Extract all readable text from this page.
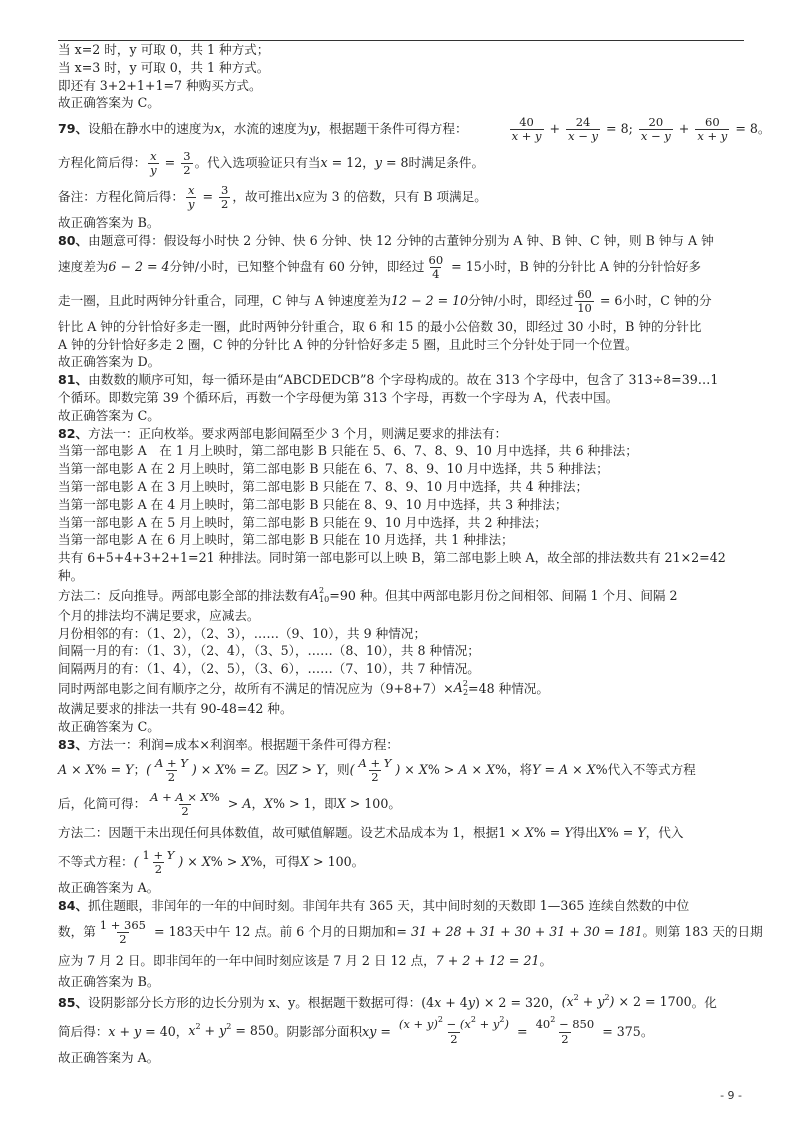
当 x=2 时，y 可取 0，共 1 种方式；
当 x=3 时，y 可取 0，共 1 种方式。
即还有 3+2+1+1=7 种购买方式。
故正确答案为 C。
79、 设船在静水中的速度为 x ，水流的速度为 y ，根据题干条件可得方程：	$\frac{40}{x + y} + \frac{24}{x - y} = 8$; $\frac{20}{x - y} + \frac{60}{x + y} = 8$ 。
方程化简后得： $\frac{x}{y} = \frac{3}{2}$ 。代入选项验证只有当 x = 12 ， y = 8 时满足条件。
备注：方程化简后得： $\frac{x}{y} = \frac{3}{2}$ ，故可推出 x 应为 3 的倍数，只有 B 项满足。
故正确答案为 B。
80、 由题意可得：假设每小时快 2 分钟、快 6 分钟、快 12 分钟的古董钟分别为 A 钟、B 钟、C 钟，则 B 钟与 A 钟
速度差为 6 − 2 = 4 分钟/小时，已知整个钟盘有 60 分钟，即经过 $\frac{60}{4} = 15$ 小时，B 钟的分针比 A 钟的分针恰好多
走一圈，且此时两钟分针重合，同理，C 钟与 A 钟速度差为 12 − 2 = 10 分钟/小时，即经过 $\frac{60}{10} = 6$ 小时，C 钟的分
针比 A 钟的分针恰好多走一圈，此时两钟分针重合，取 6 和 15 的最小公倍数 30，即经过 30 小时，B 钟的分针比
A 钟的分针恰好多走 2 圈，C 钟的分针比 A 钟的分针恰好多走 5 圈，且此时三个分针处于同一个位置。
故正确答案为 D。
81、 由数数的顺序可知，每一循环是由“ABCDEDCB”8 个字母构成的。故在 313 个字母中，包含了 313÷8=39…1
个循环。即数完第 39 个循环后，再数一个字母便为第 313 个字母，再数一个字母为 A，代表中国。
故正确答案为 C。
82、 方法一：正向枚举。要求两部电影间隔至少 3 个月，则满足要求的排法有：
当第一部电影 A　在 1 月上映时，第二部电影 B 只能在 5、6、7、8、9、10 月中选择，共 6 种排法；
当第一部电影 A 在 2 月上映时，第二部电影 B 只能在 6、7、8、9、10 月中选择，共 5 种排法；
当第一部电影 A 在 3 月上映时，第二部电影 B 只能在 7、8、9、10 月中选择，共 4 种排法；
当第一部电影 A 在 4 月上映时，第二部电影 B 只能在 8、9、10 月中选择，共 3 种排法；
当第一部电影 A 在 5 月上映时，第二部电影 B 只能在 9、10 月中选择，共 2 种排法；
当第一部电影 A 在 6 月上映时，第二部电影 B 只能在 10 月选择，共 1 种排法；
共有 6+5+4+3+2+1=21 种排法。同时第一部电影可以上映 B，第二部电影上映 A，故全部的排法数共有 21×2=42
种。
方法二：反向推导。两部电影全部的排法数有 $A^2_{10} =90$ 种。但其中两部电影月份之间相邻、间隔 1 个月、间隔 2
个月的排法均不满足要求，应减去。
月份相邻的有：（1、2），（2、3），……（9、10），共 9 种情况；
间隔一月的有：（1、3），（2、4），（3、5），……（8、10），共 8 种情况；
间隔两月的有：（1、4），（2、5），（3、6），……（7、10），共 7 种情况。
同时两部电影之间有顺序之分，故所有不满足的情况应为$(9+8+7)\times A^2_2 =48$ 种情况。
故满足要求的排法一共有 90-48=42 种。
故正确答案为 C。
83、 方法一：利润=成本×利润率。根据题干条件可得方程：
A × X% = Y； ( $\frac{A + Y}{2}$ ) × X% = Z 。因 Z > Y ，则 ( $\frac{A + Y}{2}$ ) × X% > A × X% ，将 Y = A × X% 代入不等式方程
后，化简可得： $\frac{A + A \times X\%}{2} > A$ ， X% > 1 ，即 X > 100 。
方法二：因题干未出现任何具体数值，故可赋值解题。设艺术品成本为 1，根据 1 × X% = Y 得出 X% = Y ，代入
不等式方程： ( $\frac{1 + Y}{2}$ ) × X% > X% ，可得 X > 100 。
故正确答案为 A。
84、 抓住题眼，非闰年的一年的中间时刻。非闰年共有 365 天，其中间时刻的天数即 1—365 连续自然数的中位
数，第 $\frac{1 + 365}{2} = 183$ 天中午 12 点。前 6 个月的日期加和 = 31 + 28 + 31 + 30 + 31 + 30 = 181 。则第 183 天的日期
应为 7 月 2 日。即非闰年的一年中间时刻应该是 7 月 2 日 12 点， 7 + 2 + 12 = 21 。
故正确答案为 B。
85、 设阴影部分长方形的边长分别为 x、y。根据题干数据可得： (4x + 4y) × 2 = 320 ， $(x^2 + y^2) \times 2 = 1700$ 。化
简后得： x + y = 40 ， $x^2 + y^2 = 850$ 。阴影部分面积 xy = $\frac{(x + y)^2 - (x^2 + y^2)}{2} = \frac{40^2 - 850}{2} = 375$ 。
故正确答案为 A。
- 9 -
